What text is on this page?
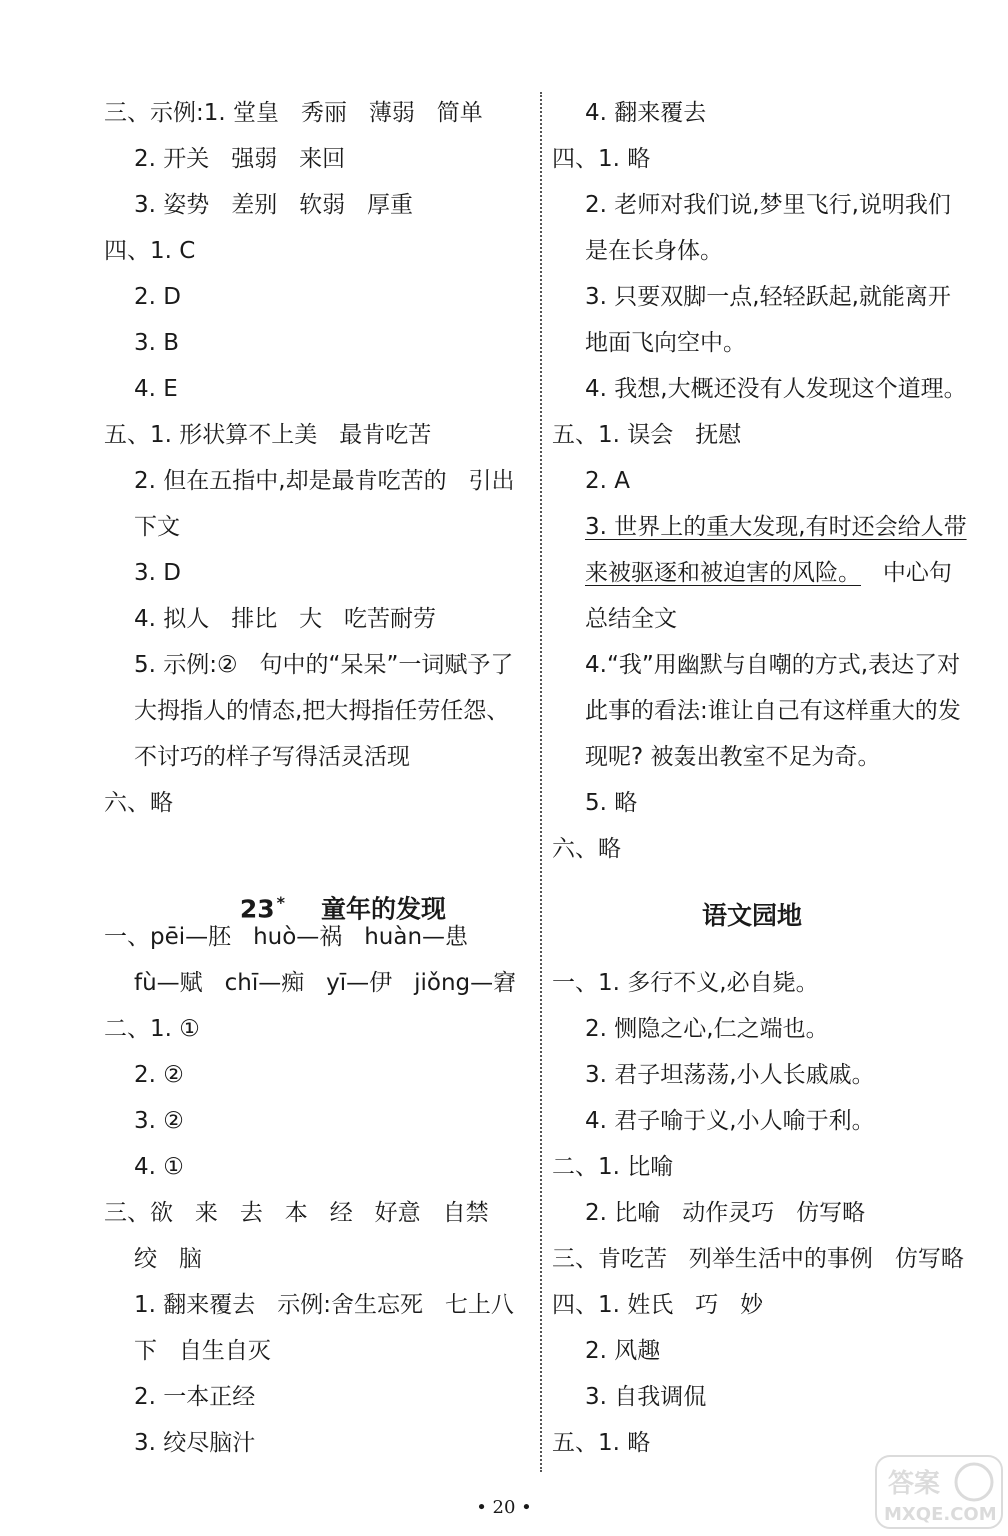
三、示例:1. 堂皇   秀丽   薄弱   简单
2. 开关   强弱   来回
3. 姿势   差别   软弱   厚重
四、1. C
2. D
3. B
4. E
五、1. 形状算不上美   最肯吃苦
2. 但在五指中,却是最肯吃苦的   引出
下文
3. D
4. 拟人   排比   大   吃苦耐劳
5. 示例:②   句中的“呆呆”一词赋予了
大拇指人的情态,把大拇指任劳任怨、
不讨巧的样子写得活灵活现
六、略

23 * 童年的发现

一、pēi—胚   huò—祸   huàn—患
fù—赋   chī—痴   yī—伊   jiǒng—窘
二、1. ①
2. ②
3. ②
4. ①
三、欲   来   去   本   经   好意   自禁
绞   脑
1. 翻来覆去   示例:舍生忘死   七上八
下   自生自灭
2. 一本正经
3. 绞尽脑汁
4. 翻来覆去
四、1. 略
2. 老师对我们说,梦里飞行,说明我们
是在长身体。
3. 只要双脚一点,轻轻跃起,就能离开
地面飞向空中。
4. 我想,大概还没有人发现这个道理。
五、1. 误会   抚慰
2. A
3. 世界上的重大发现,有时还会给人带
来被驱逐和被迫害的风险。   中心句
总结全文
4.“我”用幽默与自嘲的方式,表达了对
此事的看法:谁让自己有这样重大的发
现呢? 被轰出教室不足为奇。
5. 略
六、略
语文园地
一、1. 多行不义,必自毙。
2. 恻隐之心,仁之端也。
3. 君子坦荡荡,小人长戚戚。
4. 君子喻于义,小人喻于利。
二、1. 比喻
2. 比喻   动作灵巧   仿写略
三、肯吃苦   列举生活中的事例   仿写略
四、1. 姓氏   巧   妙
2. 风趣
3. 自我调侃
五、1. 略
• 20 •
答案
MXQE.COM
